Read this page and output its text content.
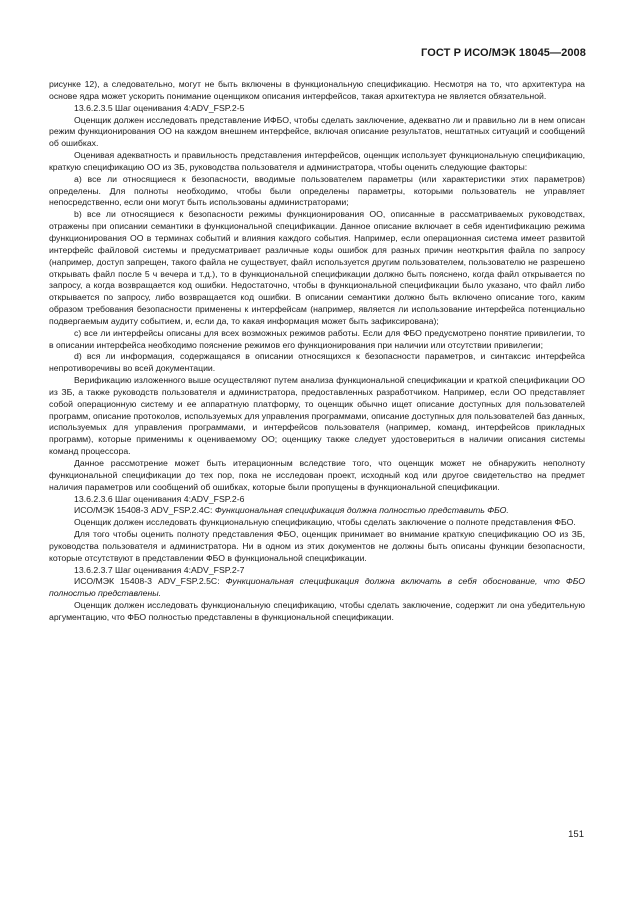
ГОСТ Р ИСО/МЭК 18045—2008

рисунке 12), а следовательно, могут не быть включены в функциональную спецификацию. Несмотря на то, что архитектура на основе ядра может ускорить понимание оценщиком описания интерфейсов, такая архитектура не является обязательной.

13.6.2.3.5 Шаг оценивания 4:ADV_FSP.2-5

Оценщик должен исследовать представление ИФБО, чтобы сделать заключение, адекватно ли и правильно ли в нем описан режим функционирования ОО на каждом внешнем интерфейсе, включая описание результатов, нештатных ситуаций и сообщений об ошибках.

Оценивая адекватность и правильность представления интерфейсов, оценщик использует функциональную спецификацию, краткую спецификацию ОО из ЗБ, руководства пользователя и администратора, чтобы оценить следующие факторы:

a) все ли относящиеся к безопасности, вводимые пользователем параметры (или характеристики этих параметров) определены. Для полноты необходимо, чтобы были определены параметры, которыми пользователь не управляет непосредственно, если они могут быть использованы администраторами;

b) все ли относящиеся к безопасности режимы функционирования ОО, описанные в рассматриваемых руководствах, отражены при описании семантики в функциональной спецификации. Данное описание включает в себя идентификацию режима функционирования ОО в терминах событий и влияния каждого события. Например, если операционная система имеет развитой интерфейс файловой системы и предусматривает различные коды ошибок для разных причин неоткрытия файла по запросу (например, доступ запрещен, такого файла не существует, файл используется другим пользователем, пользователю не разрешено открывать файл после 5 ч вечера и т.д.), то в функциональной спецификации должно быть пояснено, когда файл открывается по запросу, а когда возвращается код ошибки. Недостаточно, чтобы в функциональной спецификации было указано, что файл либо открывается по запросу, либо возвращается код ошибки. В описании семантики должно быть включено описание того, каким образом требования безопасности применены к интерфейсам (например, является ли использование интерфейса потенциально подвергаемым аудиту событием, и, если да, то какая информация может быть зафиксирована);

c) все ли интерфейсы описаны для всех возможных режимов работы. Если для ФБО предусмотрено понятие привилегии, то в описании интерфейса необходимо пояснение режимов его функционирования при наличии или отсутствии привилегии;

d) вся ли информация, содержащаяся в описании относящихся к безопасности параметров, и синтаксис интерфейса непротиворечивы во всей документации.

Верификацию изложенного выше осуществляют путем анализа функциональной спецификации и краткой спецификации ОО из ЗБ, а также руководств пользователя и администратора, предоставленных разработчиком. Например, если ОО представляет собой операционную систему и ее аппаратную платформу, то оценщик обычно ищет описание доступных для пользователей программ, описание протоколов, используемых для управления программами, описание доступных для пользователей баз данных, используемых для управления программами, и интерфейсов пользователя (например, команд, интерфейсов прикладных программ), которые применимы к оцениваемому ОО; оценщику также следует удостовериться в наличии описания системы команд процессора.

Данное рассмотрение может быть итерационным вследствие того, что оценщик может не обнаружить неполноту функциональной спецификации до тех пор, пока не исследован проект, исходный код или другое свидетельство на предмет наличия параметров или сообщений об ошибках, которые были пропущены в функциональной спецификации.

13.6.2.3.6 Шаг оценивания 4:ADV_FSP.2-6

ИСО/МЭК 15408-3 ADV_FSP.2.4C: Функциональная спецификация должна полностью представить ФБО.

Оценщик должен исследовать функциональную спецификацию, чтобы сделать заключение о полноте представления ФБО.

Для того чтобы оценить полноту представления ФБО, оценщик принимает во внимание краткую спецификацию ОО из ЗБ, руководства пользователя и администратора. Ни в одном из этих документов не должны быть описаны функции безопасности, которые отсутствуют в представлении ФБО в функциональной спецификации.

13.6.2.3.7 Шаг оценивания 4:ADV_FSP.2-7

ИСО/МЭК 15408-3 ADV_FSP.2.5C: Функциональная спецификация должна включать в себя обоснование, что ФБО полностью представлены.

Оценщик должен исследовать функциональную спецификацию, чтобы сделать заключение, содержит ли она убедительную аргументацию, что ФБО полностью представлены в функциональной спецификации.

151
